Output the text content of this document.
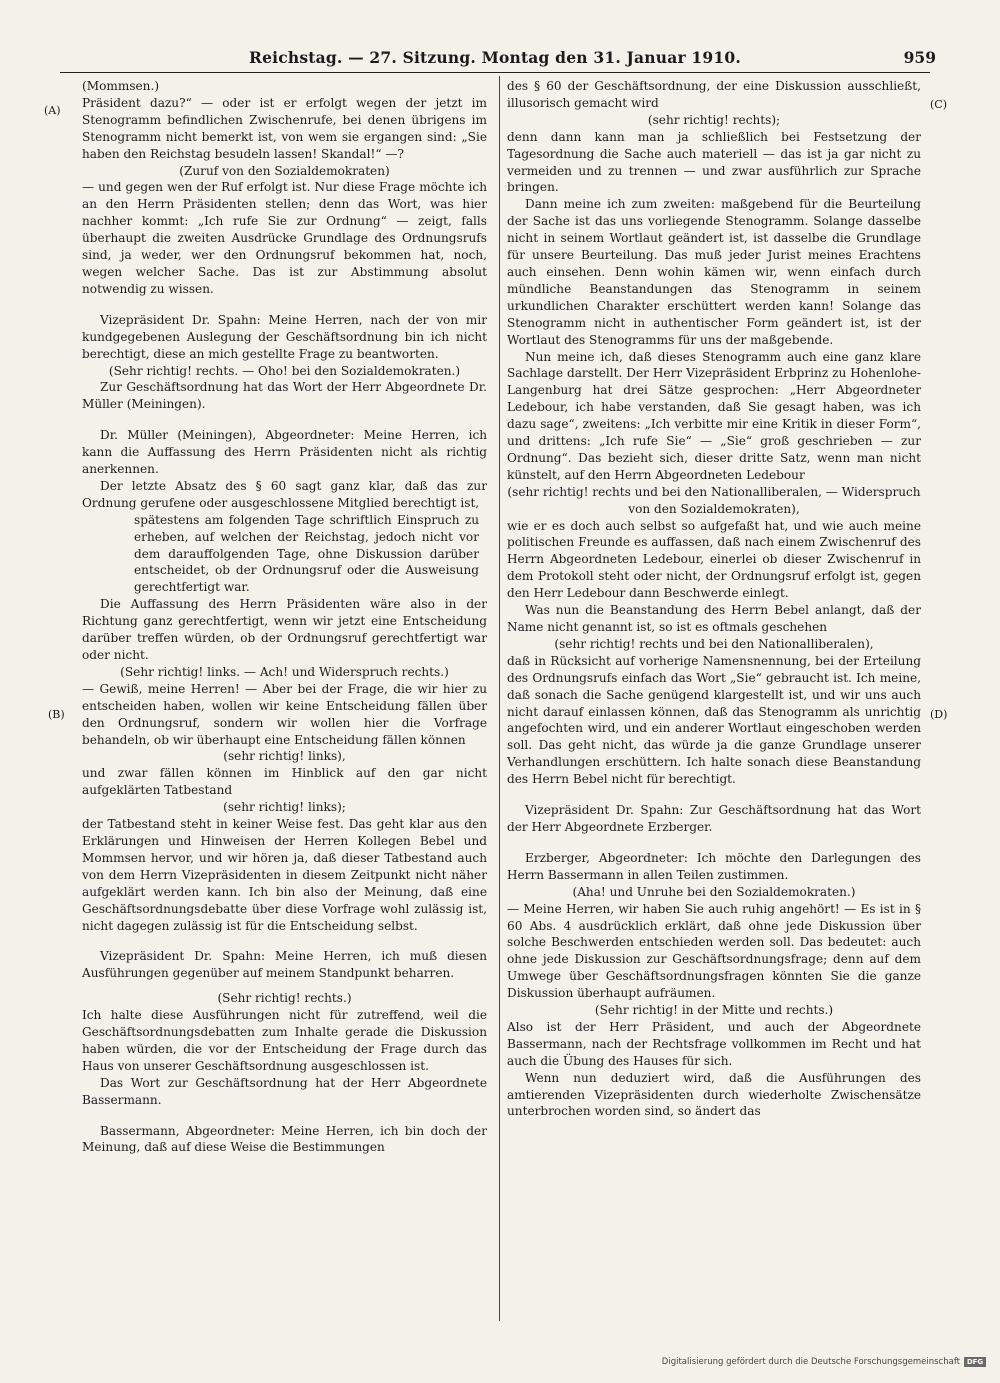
Reichstag. — 27. Sitzung. Montag den 31. Januar 1910.	959
(A)
(B)
(C)
(D)

(Mommsen.)

Präsident dazu?“ — oder ist er erfolgt wegen der jetzt im Stenogramm befindlichen Zwischenrufe, bei denen übrigens im Stenogramm nicht bemerkt ist, von wem sie ergangen sind: „Sie haben den Reichstag besudeln lassen! Skandal!“ —?

(Zuruf von den Sozialdemokraten)

— und gegen wen der Ruf erfolgt ist. Nur diese Frage möchte ich an den Herrn Präsidenten stellen; denn das Wort, was hier nachher kommt: „Ich rufe Sie zur Ordnung“ — zeigt, falls überhaupt die zweiten Ausdrücke Grundlage des Ordnungsrufs sind, ja weder, wer den Ordnungsruf bekommen hat, noch, wegen welcher Sache. Das ist zur Abstimmung absolut notwendig zu wissen.

Vizepräsident Dr. Spahn: Meine Herren, nach der von mir kundgegebenen Auslegung der Geschäftsordnung bin ich nicht berechtigt, diese an mich gestellte Frage zu beantworten.

(Sehr richtig! rechts. — Oho! bei den Sozialdemokraten.)

Zur Geschäftsordnung hat das Wort der Herr Abgeordnete Dr. Müller (Meiningen).

Dr. Müller (Meiningen), Abgeordneter: Meine Herren, ich kann die Auffassung des Herrn Präsidenten nicht als richtig anerkennen.

Der letzte Absatz des § 60 sagt ganz klar, daß das zur Ordnung gerufene oder ausgeschlossene Mitglied berechtigt ist,

spätestens am folgenden Tage schriftlich Einspruch zu erheben, auf welchen der Reichstag, jedoch nicht vor dem darauffolgenden Tage, ohne Diskussion darüber entscheidet, ob der Ordnungsruf oder die Ausweisung gerechtfertigt war.

Die Auffassung des Herrn Präsidenten wäre also in der Richtung ganz gerechtfertigt, wenn wir jetzt eine Entscheidung darüber treffen würden, ob der Ordnungsruf gerechtfertigt war oder nicht.

(Sehr richtig! links. — Ach! und Widerspruch rechts.)

— Gewiß, meine Herren! — Aber bei der Frage, die wir hier zu entscheiden haben, wollen wir keine Entscheidung fällen über den Ordnungsruf, sondern wir wollen hier die Vorfrage behandeln, ob wir überhaupt eine Entscheidung fällen können

(sehr richtig! links),

und zwar fällen können im Hinblick auf den gar nicht aufgeklärten Tatbestand

(sehr richtig! links);

der Tatbestand steht in keiner Weise fest. Das geht klar aus den Erklärungen und Hinweisen der Herren Kollegen Bebel und Mommsen hervor, und wir hören ja, daß dieser Tatbestand auch von dem Herrn Vizepräsidenten in diesem Zeitpunkt nicht näher aufgeklärt werden kann. Ich bin also der Meinung, daß eine Geschäftsordnungsdebatte über diese Vorfrage wohl zulässig ist, nicht dagegen zulässig ist für die Entscheidung selbst.

Vizepräsident Dr. Spahn: Meine Herren, ich muß diesen Ausführungen gegenüber auf meinem Standpunkt beharren.

(Sehr richtig! rechts.)

Ich halte diese Ausführungen nicht für zutreffend, weil die Geschäftsordnungsdebatten zum Inhalte gerade die Diskussion haben würden, die vor der Entscheidung der Frage durch das Haus von unserer Geschäftsordnung ausgeschlossen ist.

Das Wort zur Geschäftsordnung hat der Herr Abgeordnete Bassermann.

Bassermann, Abgeordneter: Meine Herren, ich bin doch der Meinung, daß auf diese Weise die Bestimmungen

des § 60 der Geschäftsordnung, der eine Diskussion ausschließt, illusorisch gemacht wird

(sehr richtig! rechts);

denn dann kann man ja schließlich bei Festsetzung der Tagesordnung die Sache auch materiell — das ist ja gar nicht zu vermeiden und zu trennen — und zwar ausführlich zur Sprache bringen.

Dann meine ich zum zweiten: maßgebend für die Beurteilung der Sache ist das uns vorliegende Stenogramm. Solange dasselbe nicht in seinem Wortlaut geändert ist, ist dasselbe die Grundlage für unsere Beurteilung. Das muß jeder Jurist meines Erachtens auch einsehen. Denn wohin kämen wir, wenn einfach durch mündliche Beanstandungen das Stenogramm in seinem urkundlichen Charakter erschüttert werden kann! Solange das Stenogramm nicht in authentischer Form geändert ist, ist der Wortlaut des Stenogramms für uns der maßgebende.

Nun meine ich, daß dieses Stenogramm auch eine ganz klare Sachlage darstellt. Der Herr Vizepräsident Erbprinz zu Hohenlohe-Langenburg hat drei Sätze gesprochen: „Herr Abgeordneter Ledebour, ich habe verstanden, daß Sie gesagt haben, was ich dazu sage“, zweitens: „Ich verbitte mir eine Kritik in dieser Form“, und drittens: „Ich rufe Sie“ — „Sie“ groß geschrieben — zur Ordnung“. Das bezieht sich, dieser dritte Satz, wenn man nicht künstelt, auf den Herrn Abgeordneten Ledebour

(sehr richtig! rechts und bei den Nationalliberalen, — Widerspruch von den Sozialdemokraten),

wie er es doch auch selbst so aufgefaßt hat, und wie auch meine politischen Freunde es auffassen, daß nach einem Zwischenruf des Herrn Abgeordneten Ledebour, einerlei ob dieser Zwischenruf in dem Protokoll steht oder nicht, der Ordnungsruf erfolgt ist, gegen den Herr Ledebour dann Beschwerde einlegt.

Was nun die Beanstandung des Herrn Bebel anlangt, daß der Name nicht genannt ist, so ist es oftmals geschehen

(sehr richtig! rechts und bei den Nationalliberalen),

daß in Rücksicht auf vorherige Namensnennung, bei der Erteilung des Ordnungsrufs einfach das Wort „Sie“ gebraucht ist. Ich meine, daß sonach die Sache genügend klargestellt ist, und wir uns auch nicht darauf einlassen können, daß das Stenogramm als unrichtig angefochten wird, und ein anderer Wortlaut eingeschoben werden soll. Das geht nicht, das würde ja die ganze Grundlage unserer Verhandlungen erschüttern. Ich halte sonach diese Beanstandung des Herrn Bebel nicht für berechtigt.

Vizepräsident Dr. Spahn: Zur Geschäftsordnung hat das Wort der Herr Abgeordnete Erzberger.

Erzberger, Abgeordneter: Ich möchte den Darlegungen des Herrn Bassermann in allen Teilen zustimmen.

(Aha! und Unruhe bei den Sozialdemokraten.)

— Meine Herren, wir haben Sie auch ruhig angehört! — Es ist in § 60 Abs. 4 ausdrücklich erklärt, daß ohne jede Diskussion über solche Beschwerden entschieden werden soll. Das bedeutet: auch ohne jede Diskussion zur Geschäftsordnungsfrage; denn auf dem Umwege über Geschäftsordnungsfragen könnten Sie die ganze Diskussion überhaupt aufräumen.

(Sehr richtig! in der Mitte und rechts.)

Also ist der Herr Präsident, und auch der Abgeordnete Bassermann, nach der Rechtsfrage vollkommen im Recht und hat auch die Übung des Hauses für sich.

Wenn nun deduziert wird, daß die Ausführungen des amtierenden Vizepräsidenten durch wiederholte Zwischensätze unterbrochen worden sind, so ändert das

Digitalisierung gefördert durch die Deutsche Forschungsgemeinschaft DFG
